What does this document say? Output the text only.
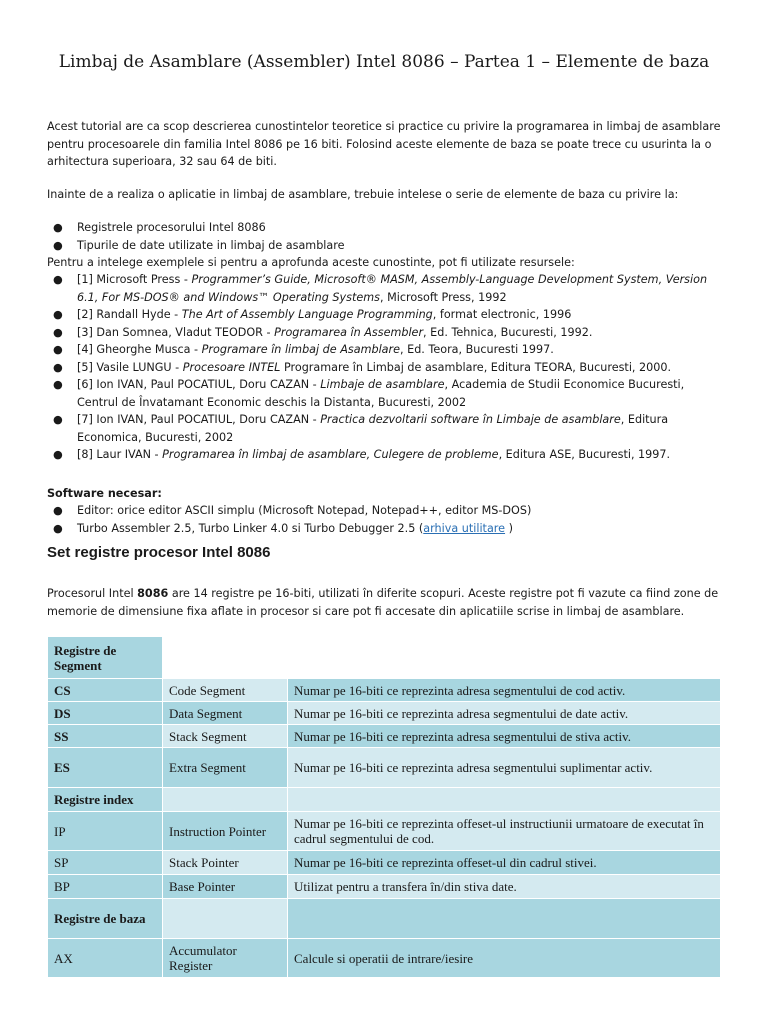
Limbaj de Asamblare (Assembler) Intel 8086 – Partea 1 – Elemente de baza
Acest tutorial are ca scop descrierea cunostintelor teoretice si practice cu privire la programarea in limbaj de asamblare pentru procesoarele din familia Intel 8086 pe 16 biti. Folosind aceste elemente de baza se poate trece cu usurinta la o arhitectura superioara, 32 sau 64 de biti.
Inainte de a realiza o aplicatie in limbaj de asamblare, trebuie intelese o serie de elemente de baza cu privire la:
● Registrele procesorului Intel 8086
● Tipurile de date utilizate in limbaj de asamblare
Pentru a intelege exemplele si pentru a aprofunda aceste cunostinte, pot fi utilizate resursele:
● [1] Microsoft Press - Programmer’s Guide, Microsoft® MASM, Assembly-Language Development System, Version 6.1, For MS-DOS® and Windows™ Operating Systems, Microsoft Press, 1992
● [2] Randall Hyde - The Art of Assembly Language Programming, format electronic, 1996
● [3] Dan Somnea, Vladut TEODOR - Programarea în Assembler, Ed. Tehnica, Bucuresti, 1992.
● [4] Gheorghe Musca - Programare în limbaj de Asamblare, Ed. Teora, Bucuresti 1997.
● [5] Vasile LUNGU - Procesoare INTEL Programare în Limbaj de asamblare, Editura TEORA, Bucuresti, 2000.
● [6] Ion IVAN, Paul POCATIUL, Doru CAZAN - Limbaje de asamblare, Academia de Studii Economice Bucuresti, Centrul de Învatamant Economic deschis la Distanta, Bucuresti, 2002
● [7] Ion IVAN, Paul POCATIUL, Doru CAZAN - Practica dezvoltarii software în Limbaje de asamblare, Editura Economica, Bucuresti, 2002
● [8] Laur IVAN - Programarea în limbaj de asamblare, Culegere de probleme, Editura ASE, Bucuresti, 1997.
Software necesar:
● Editor: orice editor ASCII simplu (Microsoft Notepad, Notepad++, editor MS-DOS)
● Turbo Assembler 2.5, Turbo Linker 4.0 si Turbo Debugger 2.5 (arhiva utilitare )
Set registre procesor Intel 8086
Procesorul Intel 8086 are 14 registre pe 16-biti, utilizati în diferite scopuri. Aceste registre pot fi vazute ca fiind zone de memorie de dimensiune fixa aflate in procesor si care pot fi accesate din aplicatiile scrise in limbaj de asamblare.
Registre de Segment		
CS	Code Segment	Numar pe 16-biti ce reprezinta adresa segmentului de cod activ.
DS	Data Segment	Numar pe 16-biti ce reprezinta adresa segmentului de date activ.
SS	Stack Segment	Numar pe 16-biti ce reprezinta adresa segmentului de stiva activ.
ES	Extra Segment	Numar pe 16-biti ce reprezinta adresa segmentului suplimentar activ.
Registre index		
IP	Instruction Pointer	Numar pe 16-biti ce reprezinta offeset-ul instructiunii urmatoare de executat în cadrul segmentului de cod.
SP	Stack Pointer	Numar pe 16-biti ce reprezinta offeset-ul din cadrul stivei.
BP	Base Pointer	Utilizat pentru a transfera în/din stiva date.
Registre de baza		
AX	Accumulator Register	Calcule si operatii de intrare/iesire
